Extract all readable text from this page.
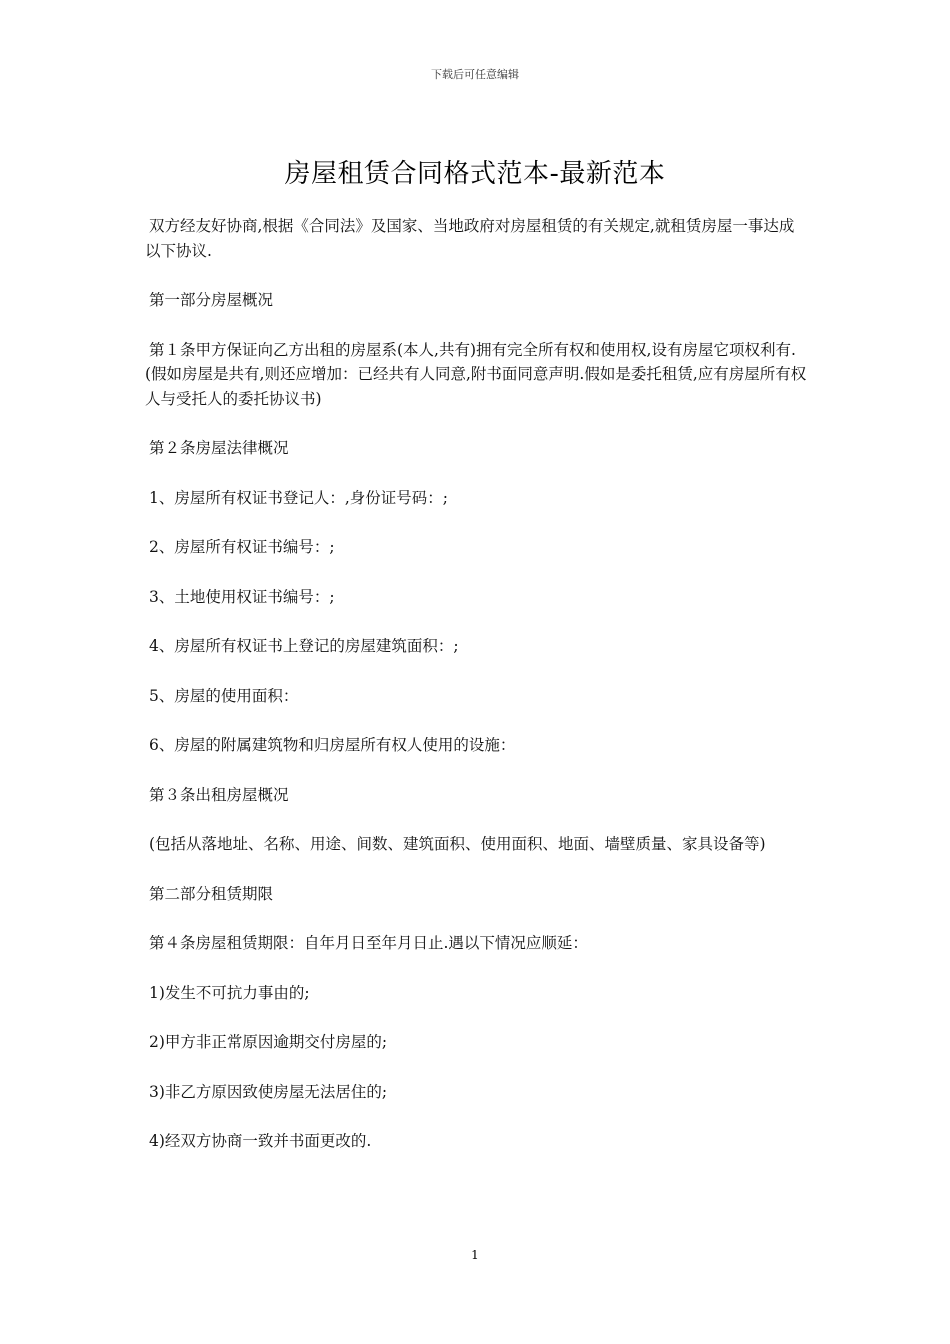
下载后可任意编辑
房屋租赁合同格式范本-最新范本

双方经友好协商,根据《合同法》及国家、当地政府对房屋租赁的有关规定,就租赁房屋一事达成以下协议.

第一部分房屋概况

第１条甲方保证向乙方出租的房屋系(本人,共有)拥有完全所有权和使用权,设有房屋它项权利有.(假如房屋是共有,则还应增加：已经共有人同意,附书面同意声明.假如是委托租赁,应有房屋所有权人与受托人的委托协议书)

第２条房屋法律概况

1、房屋所有权证书登记人：,身份证号码：;

2、房屋所有权证书编号：;

3、土地使用权证书编号：;

4、房屋所有权证书上登记的房屋建筑面积：;

5、房屋的使用面积：

6、房屋的附属建筑物和归房屋所有权人使用的设施：

第３条出租房屋概况

(包括从落地址、名称、用途、间数、建筑面积、使用面积、地面、墙壁质量、家具设备等)

第二部分租赁期限

第４条房屋租赁期限：自年月日至年月日止.遇以下情况应顺延：

1)发生不可抗力事由的;

2)甲方非正常原因逾期交付房屋的;

3)非乙方原因致使房屋无法居住的;

4)经双方协商一致并书面更改的.

1
